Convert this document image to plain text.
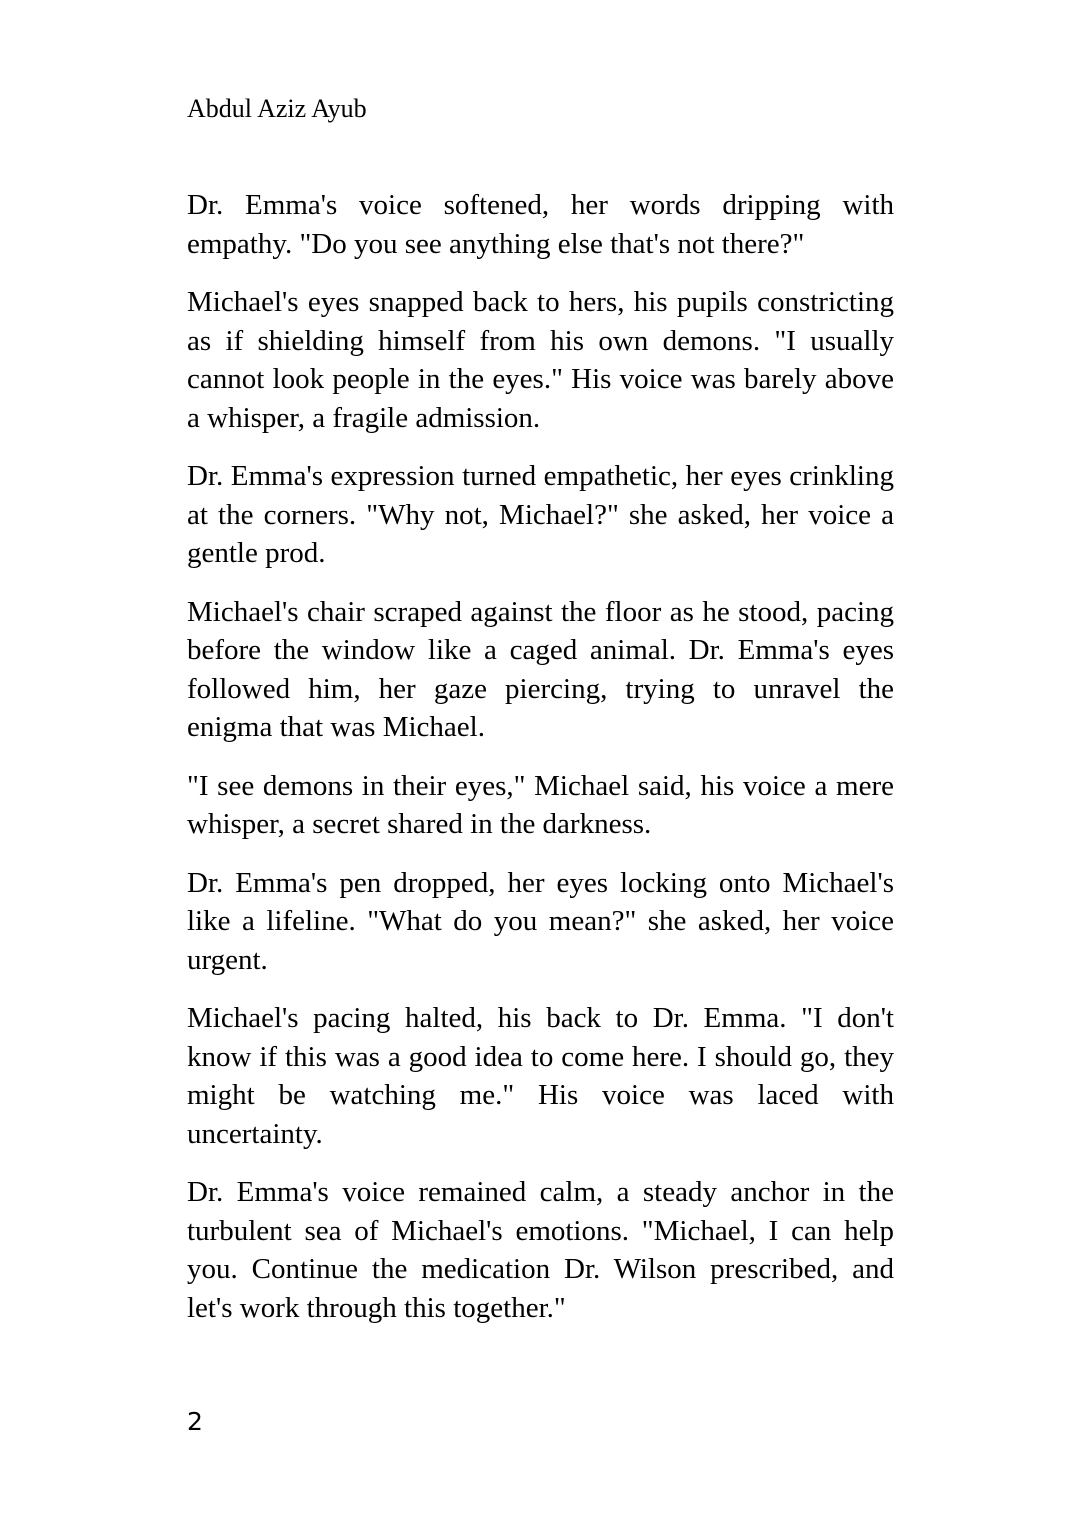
Abdul Aziz Ayub

Dr. Emma's voice softened, her words dripping with empathy. "Do you see anything else that's not there?"

Michael's eyes snapped back to hers, his pupils constricting as if shielding himself from his own demons. "I usually cannot look people in the eyes." His voice was barely above a whisper, a fragile admission.

Dr. Emma's expression turned empathetic, her eyes crinkling at the corners. "Why not, Michael?" she asked, her voice a gentle prod.

Michael's chair scraped against the floor as he stood, pacing before the window like a caged animal. Dr. Emma's eyes followed him, her gaze piercing, trying to unravel the enigma that was Michael.

"I see demons in their eyes," Michael said, his voice a mere whisper, a secret shared in the darkness.

Dr. Emma's pen dropped, her eyes locking onto Michael's like a lifeline. "What do you mean?" she asked, her voice urgent.

Michael's pacing halted, his back to Dr. Emma. "I don't know if this was a good idea to come here. I should go, they might be watching me." His voice was laced with uncertainty.

Dr. Emma's voice remained calm, a steady anchor in the turbulent sea of Michael's emotions. "Michael, I can help you. Continue the medication Dr. Wilson prescribed, and let's work through this together."

2
